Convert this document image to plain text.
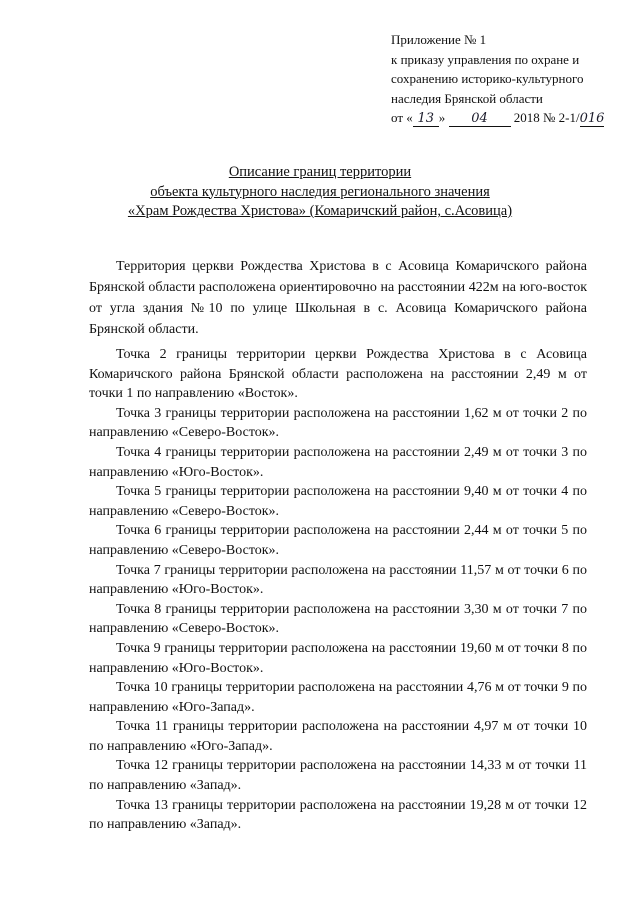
Приложение № 1
к приказу управления по охране и
сохранению историко-культурного
наследия Брянской области
от « 13 » 04 2018 № 2-1/016
Описание границ территории
объекта культурного наследия регионального значения
«Храм Рождества Христова» (Комаричский район, с.Асовица)

Территория церкви Рождества Христова в с Асовица Комаричского района Брянской области расположена ориентировочно на расстоянии 422м на юго-восток от угла здания №10 по улице Школьная в с. Асовица Комаричского района Брянской области.

Точка 2 границы территории церкви Рождества Христова в с Асовица Комаричского района Брянской области расположена на расстоянии 2,49 м от точки 1 по направлению «Восток».

Точка 3 границы территории расположена на расстоянии 1,62 м от точки 2 по направлению «Северо-Восток».

Точка 4 границы территории расположена на расстоянии 2,49 м от точки 3 по направлению «Юго-Восток».

Точка 5 границы территории расположена на расстоянии 9,40 м от точки 4 по направлению «Северо-Восток».

Точка 6 границы территории расположена на расстоянии 2,44 м от точки 5 по направлению «Северо-Восток».

Точка 7 границы территории расположена на расстоянии 11,57 м от точки 6 по направлению «Юго-Восток».

Точка 8 границы территории расположена на расстоянии 3,30 м от точки 7 по направлению «Северо-Восток».

Точка 9 границы территории расположена на расстоянии 19,60 м от точки 8 по направлению «Юго-Восток».

Точка 10 границы территории расположена на расстоянии 4,76 м от точки 9 по направлению «Юго-Запад».

Точка 11 границы территории расположена на расстоянии 4,97 м от точки 10 по направлению «Юго-Запад».

Точка 12 границы территории расположена на расстоянии 14,33 м от точки 11 по направлению «Запад».

Точка 13 границы территории расположена на расстоянии 19,28 м от точки 12 по направлению «Запад».
